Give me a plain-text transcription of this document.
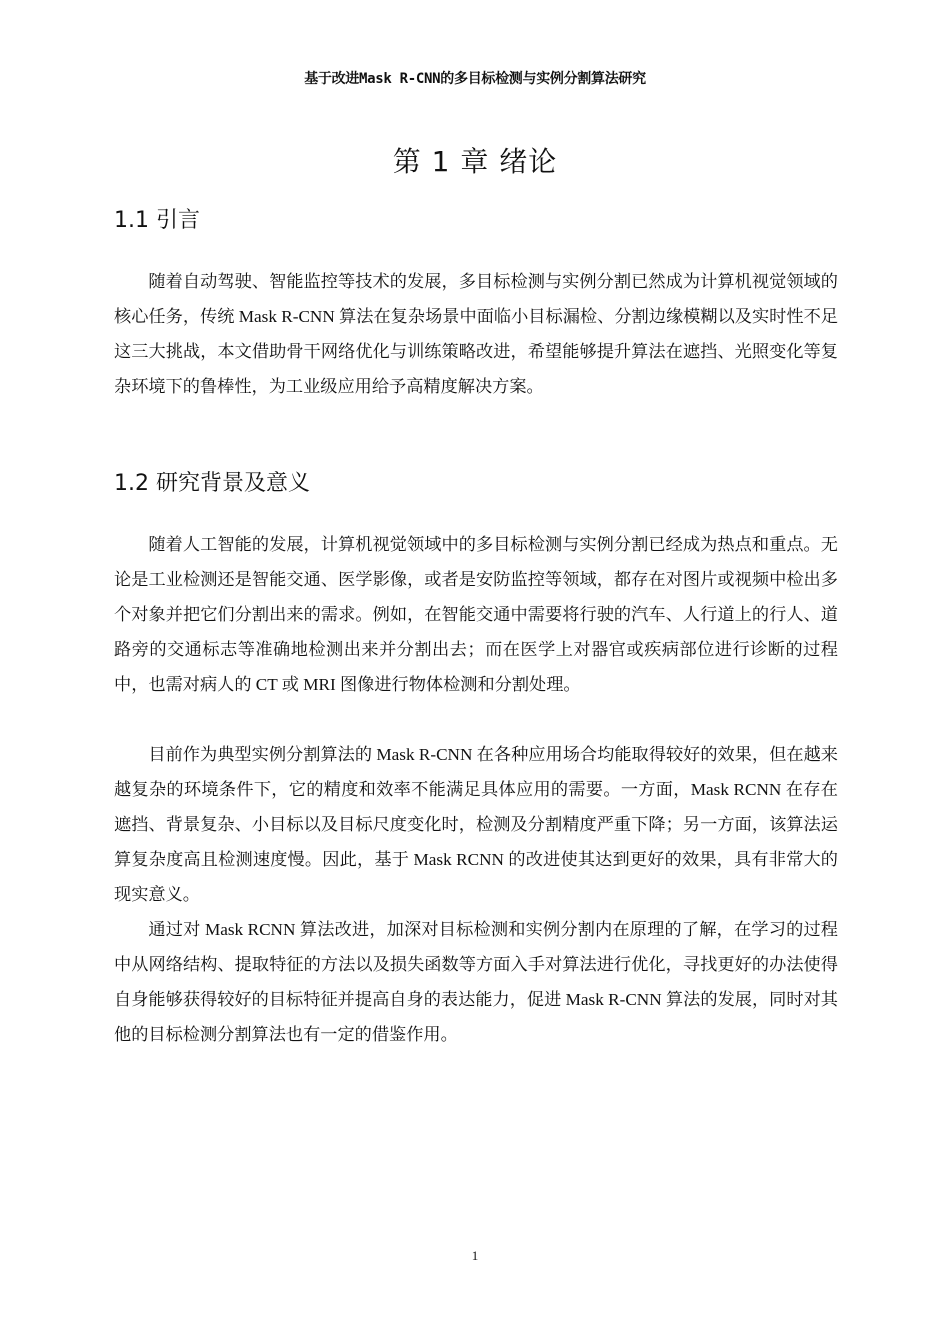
基于改进Mask R-CNN的多目标检测与实例分割算法研究
第 1 章 绪论
1.1 引言

随着自动驾驶、智能监控等技术的发展，多目标检测与实例分割已然成为计算机视觉领域的核心任务，传统 Mask R-CNN 算法在复杂场景中面临小目标漏检、分割边缘模糊以及实时性不足这三大挑战，本文借助骨干网络优化与训练策略改进，希望能够提升算法在遮挡、光照变化等复杂环境下的鲁棒性，为工业级应用给予高精度解决方案。

1.2 研究背景及意义

随着人工智能的发展，计算机视觉领域中的多目标检测与实例分割已经成为热点和重点。无论是工业检测还是智能交通、医学影像，或者是安防监控等领域，都存在对图片或视频中检出多个对象并把它们分割出来的需求。例如，在智能交通中需要将行驶的汽车、人行道上的行人、道路旁的交通标志等准确地检测出来并分割出去；而在医学上对器官或疾病部位进行诊断的过程中，也需对病人的 CT 或 MRI 图像进行物体检测和分割处理。

目前作为典型实例分割算法的 Mask R-CNN 在各种应用场合均能取得较好的效果，但在越来越复杂的环境条件下，它的精度和效率不能满足具体应用的需要。一方面，Mask RCNN 在存在遮挡、背景复杂、小目标以及目标尺度变化时，检测及分割精度严重下降；另一方面，该算法运算复杂度高且检测速度慢。因此，基于 Mask RCNN 的改进使其达到更好的效果，具有非常大的现实意义。

通过对 Mask RCNN 算法改进，加深对目标检测和实例分割内在原理的了解，在学习的过程中从网络结构、提取特征的方法以及损失函数等方面入手对算法进行优化，寻找更好的办法使得自身能够获得较好的目标特征并提高自身的表达能力，促进 Mask R-CNN 算法的发展，同时对其他的目标检测分割算法也有一定的借鉴作用。

1
